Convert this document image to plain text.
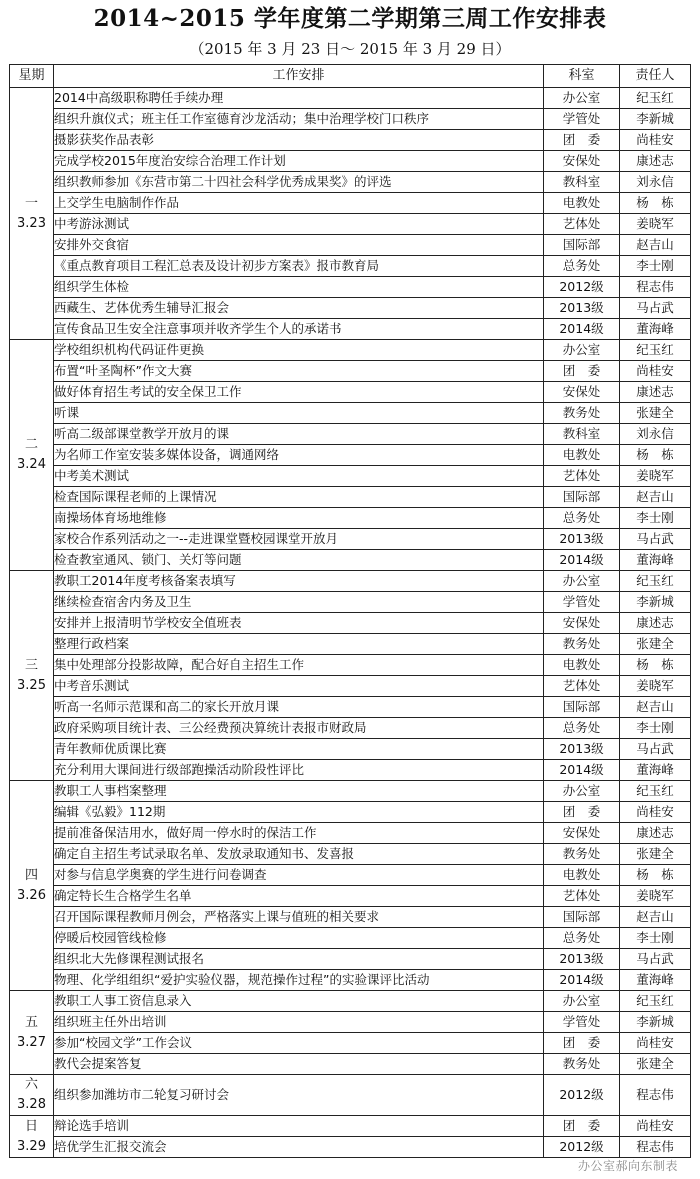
2014~2015 学年度第二学期第三周工作安排表
（2015 年 3 月 23 日～ 2015 年 3 月 29 日）
星期	工作安排	科室	责任人

一
3.23	2014中高级职称聘任手续办理	办公室	纪玉红
	组织升旗仪式；班主任工作室德育沙龙活动；集中治理学校门口秩序	学管处	李新城
	摄影获奖作品表彰	团　委	尚桂安
	完成学校2015年度治安综合治理工作计划	安保处	康述志
	组织教师参加《东营市第二十四社会科学优秀成果奖》的评选	教科室	刘永信
	上交学生电脑制作作品	电教处	杨　栋
	中考游泳测试	艺体处	姜晓军
	安排外交食宿	国际部	赵吉山
	《重点教育项目工程汇总表及设计初步方案表》报市教育局	总务处	李士刚
	组织学生体检	2012级	程志伟
	西藏生、艺体优秀生辅导汇报会	2013级	马占武
	宣传食品卫生安全注意事项并收齐学生个人的承诺书	2014级	董海峰

二
3.24	学校组织机构代码证件更换	办公室	纪玉红
	布置“叶圣陶杯”作文大赛	团　委	尚桂安
	做好体育招生考试的安全保卫工作	安保处	康述志
	听课	教务处	张建全
	听高二级部课堂教学开放月的课	教科室	刘永信
	为名师工作室安装多媒体设备，调通网络	电教处	杨　栋
	中考美术测试	艺体处	姜晓军
	检查国际课程老师的上课情况	国际部	赵吉山
	南操场体育场地维修	总务处	李士刚
	家校合作系列活动之一--走进课堂暨校园课堂开放月	2013级	马占武
	检查教室通风、锁门、关灯等问题	2014级	董海峰

三
3.25	教职工2014年度考核备案表填写	办公室	纪玉红
	继续检查宿舍内务及卫生	学管处	李新城
	安排并上报清明节学校安全值班表	安保处	康述志
	整理行政档案	教务处	张建全
	集中处理部分投影故障，配合好自主招生工作	电教处	杨　栋
	中考音乐测试	艺体处	姜晓军
	听高一名师示范课和高二的家长开放月课	国际部	赵吉山
	政府采购项目统计表、三公经费预决算统计表报市财政局	总务处	李士刚
	青年教师优质课比赛	2013级	马占武
	充分利用大课间进行级部跑操活动阶段性评比	2014级	董海峰

四
3.26	教职工人事档案整理	办公室	纪玉红
	编辑《弘毅》112期	团　委	尚桂安
	提前准备保洁用水，做好周一停水时的保洁工作	安保处	康述志
	确定自主招生考试录取名单、发放录取通知书、发喜报	教务处	张建全
	对参与信息学奥赛的学生进行问卷调查	电教处	杨　栋
	确定特长生合格学生名单	艺体处	姜晓军
	召开国际课程教师月例会，严格落实上课与值班的相关要求	国际部	赵吉山
	停暖后校园管线检修	总务处	李士刚
	组织北大先修课程测试报名	2013级	马占武
	物理、化学组组织“爱护实验仪器，规范操作过程”的实验课评比活动	2014级	董海峰

五
3.27	教职工人事工资信息录入	办公室	纪玉红
	组织班主任外出培训	学管处	李新城
	参加“校园文学”工作会议	团　委	尚桂安
	教代会提案答复	教务处	张建全

六
3.28	组织参加潍坊市二轮复习研讨会	2012级	程志伟

日
3.29	辩论选手培训	团　委	尚桂安
	培优学生汇报交流会	2012级	程志伟
办公室郝向东制表
